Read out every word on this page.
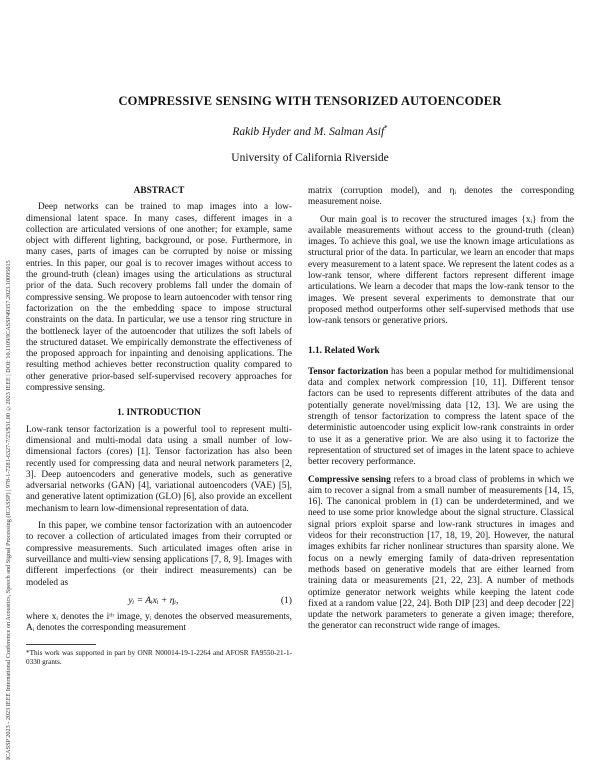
ICASSP 2023 - 2023 IEEE International Conference on Acoustics, Speech and Signal Processing (ICASSP) | 978-1-7281-6327-7/23/$31.00 ©2023 IEEE | DOI: 10.1109/ICASSP49357.2023.10095015
COMPRESSIVE SENSING WITH TENSORIZED AUTOENCODER
Rakib Hyder and M. Salman Asif*
University of California Riverside
ABSTRACT

Deep networks can be trained to map images into a low-dimensional latent space. In many cases, different images in a collection are articulated versions of one another; for example, same object with different lighting, background, or pose. Furthermore, in many cases, parts of images can be corrupted by noise or missing entries. In this paper, our goal is to recover images without access to the ground-truth (clean) images using the articulations as structural prior of the data. Such recovery problems fall under the domain of compressive sensing. We propose to learn autoencoder with tensor ring factorization on the the embedding space to impose structural constraints on the data. In particular, we use a tensor ring structure in the bottleneck layer of the autoencoder that utilizes the soft labels of the structured dataset. We empirically demonstrate the effectiveness of the proposed approach for inpainting and denoising applications. The resulting method achieves better reconstruction quality compared to other generative prior-based self-supervised recovery approaches for compressive sensing.

1. INTRODUCTION

Low-rank tensor factorization is a powerful tool to represent multi-dimensional and multi-modal data using a small number of low-dimensional factors (cores) [1]. Tensor factorization has also been recently used for compressing data and neural network parameters [2, 3]. Deep autoencoders and generative models, such as generative adversarial networks (GAN) [4], variational autoencoders (VAE) [5], and generative latent optimization (GLO) [6], also provide an excellent mechanism to learn low-dimensional representation of data.

In this paper, we combine tensor factorization with an autoencoder to recover a collection of articulated images from their corrupted or compressive measurements. Such articulated images often arise in surveillance and multi-view sensing applications [7, 8, 9]. Images with different imperfections (or their indirect measurements) can be modeled as

yᵢ = Aᵢxᵢ + ηᵢ,	(1)

where xᵢ denotes the iᵗʰ image, yᵢ denotes the observed measurements, Aᵢ denotes the corresponding measurement

*This work was supported in part by ONR N00014-19-1-2264 and AFOSR FA9550-21-1-0330 grants.

matrix (corruption model), and ηᵢ denotes the corresponding measurement noise.

Our main goal is to recover the structured images {xᵢ} from the available measurements without access to the ground-truth (clean) images. To achieve this goal, we use the known image articulations as structural prior of the data. In particular, we learn an encoder that maps every measurement to a latent space. We represent the latent codes as a low-rank tensor, where different factors represent different image articulations. We learn a decoder that maps the low-rank tensor to the images. We present several experiments to demonstrate that our proposed method outperforms other self-supervised methods that use low-rank tensors or generative priors.

1.1. Related Work

Tensor factorization has been a popular method for multidimensional data and complex network compression [10, 11]. Different tensor factors can be used to represents different attributes of the data and potentially generate novel/missing data [12, 13]. We are using the strength of tensor factorization to compress the latent space of the deterministic autoencoder using explicit low-rank constraints in order to use it as a generative prior. We are also using it to factorize the representation of structured set of images in the latent space to achieve better recovery performance.

Compressive sensing refers to a broad class of problems in which we aim to recover a signal from a small number of measurements [14, 15, 16]. The canonical problem in (1) can be underdetermined, and we need to use some prior knowledge about the signal structure. Classical signal priors exploit sparse and low-rank structures in images and videos for their reconstruction [17, 18, 19, 20]. However, the natural images exhibits far richer nonlinear structures than sparsity alone. We focus on a newly emerging family of data-driven representation methods based on generative models that are either learned from training data or measurements [21, 22, 23]. A number of methods optimize generator network weights while keeping the latent code fixed at a random value [22, 24]. Both DIP [23] and deep decoder [22] update the network parameters to generate a given image; therefore, the generator can reconstruct wide range of images.
